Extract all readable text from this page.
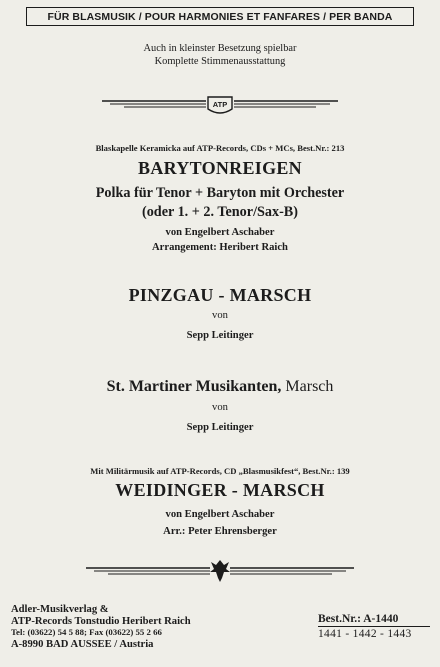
FÜR BLASMUSIK / POUR HARMONIES ET FANFARES / PER BANDA
Auch in kleinster Besetzung spielbar
Komplette Stimmenausstattung
ATP
Blaskapelle Keramicka auf ATP-Records, CDs + MCs, Best.Nr.: 213
BARYTONREIGEN
Polka für Tenor + Baryton mit Orchester
(oder 1. + 2. Tenor/Sax-B)
von Engelbert Aschaber
Arrangement: Heribert Raich
PINZGAU - MARSCH
von
Sepp Leitinger
St. Martiner Musikanten, Marsch
von
Sepp Leitinger
Mit Militärmusik auf ATP-Records, CD „Blasmusikfest“, Best.Nr.: 139
WEIDINGER - MARSCH
von Engelbert Aschaber
Arr.: Peter Ehrensberger
Adler-Musikverlag &
ATP-Records Tonstudio Heribert Raich
Tel: (03622) 54 5 88; Fax (03622) 55 2 66
A-8990 BAD AUSSEE / Austria
Best.Nr.: A-1440
1441 - 1442 - 1443
